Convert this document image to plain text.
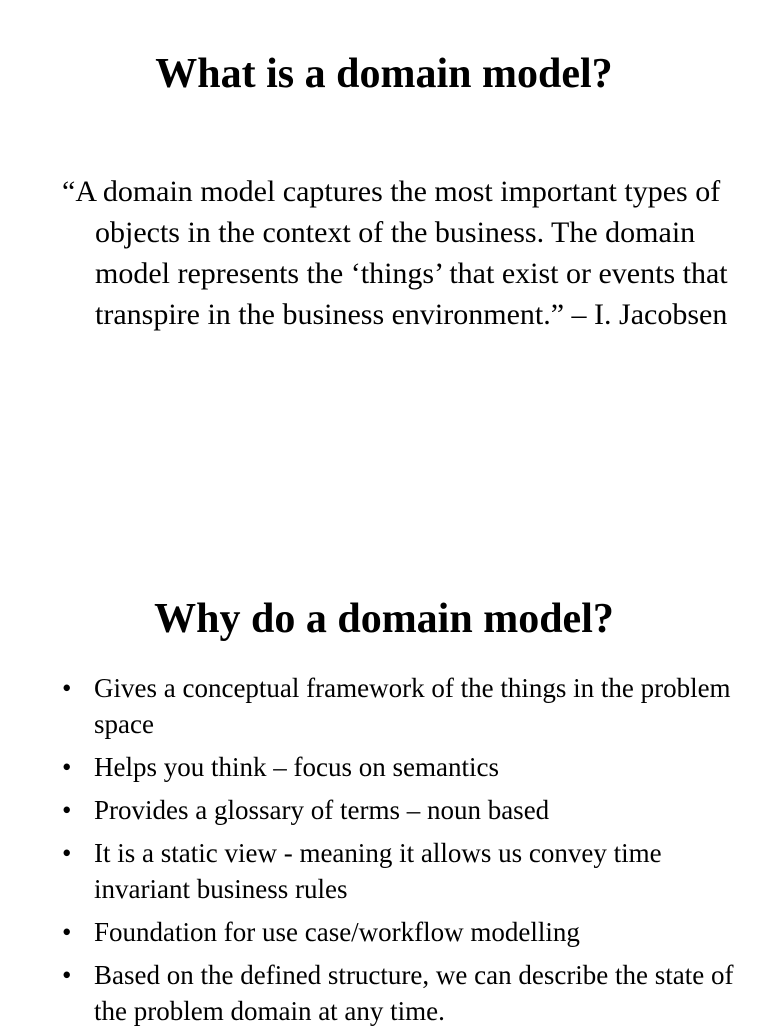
What is a domain model?

“A domain model captures the most important types of objects in the context of the business. The domain model represents the ‘things’ that exist or events that transpire in the business environment.” – I. Jacobsen

Why do a domain model?
• Gives a conceptual framework of the things in the problem space
• Helps you think – focus on semantics
• Provides a glossary of terms – noun based
• It is a static view - meaning it allows us convey time invariant business rules
• Foundation for use case/workflow modelling
• Based on the defined structure, we can describe the state of the problem domain at any time.
